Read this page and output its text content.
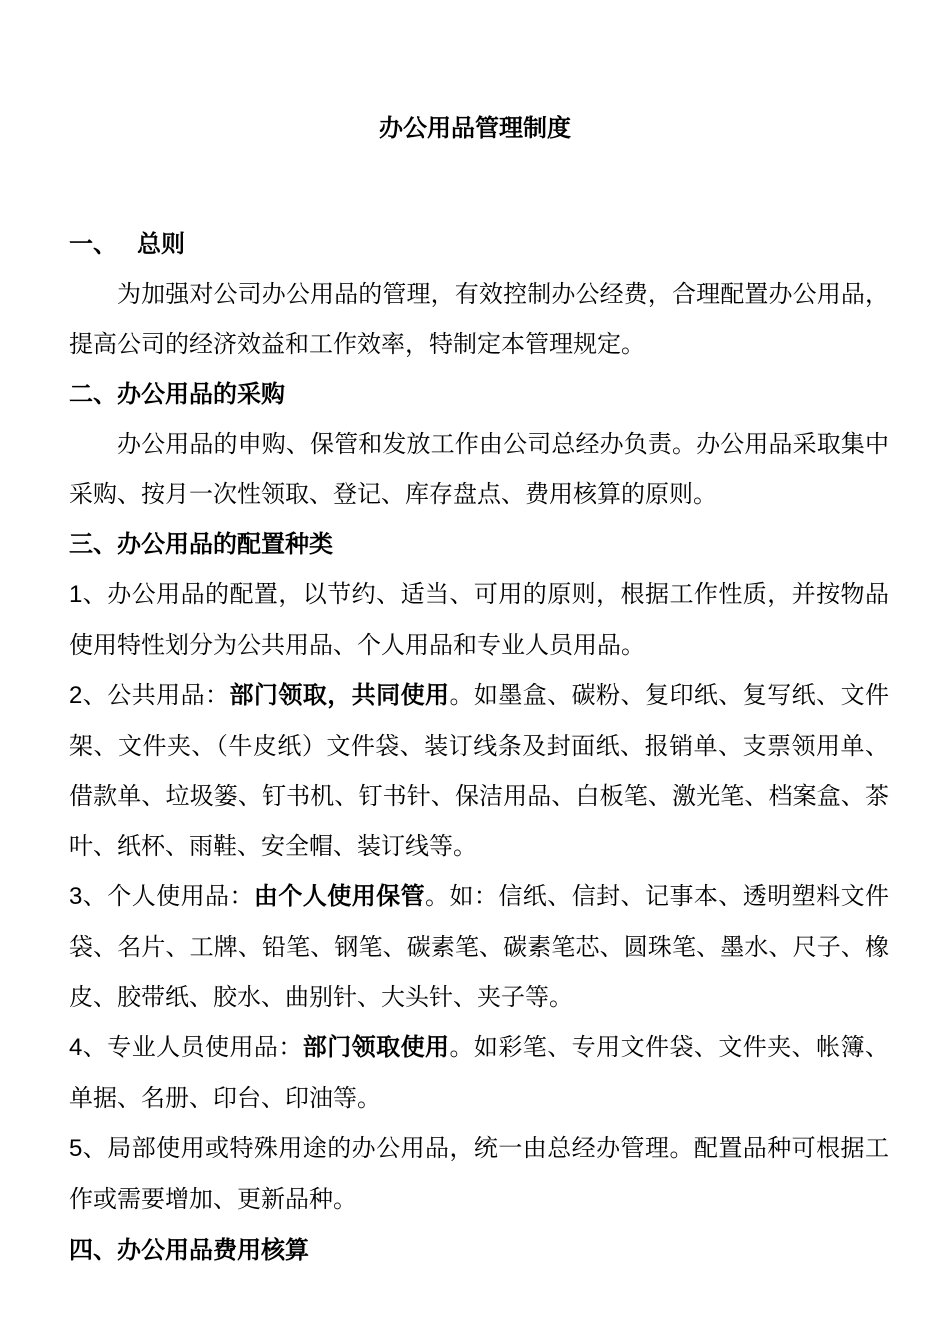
办公用品管理制度

一、 总则

为加强对公司办公用品的管理，有效控制办公经费，合理配置办公用品，提高公司的经济效益和工作效率，特制定本管理规定。

二、办公用品的采购

办公用品的申购、保管和发放工作由公司总经办负责。办公用品采取集中采购、按月一次性领取、登记、库存盘点、费用核算的原则。

三、办公用品的配置种类

1、办公用品的配置，以节约、适当、可用的原则，根据工作性质，并按物品使用特性划分为公共用品、个人用品和专业人员用品。

2、公共用品：部门领取，共同使用。如墨盒、碳粉、复印纸、复写纸、文件架、文件夹、（牛皮纸）文件袋、装订线条及封面纸、报销单、支票领用单、借款单、垃圾篓、钉书机、钉书针、保洁用品、白板笔、激光笔、档案盒、茶叶、纸杯、雨鞋、安全帽、装订线等。

3、个人使用品：由个人使用保管。如：信纸、信封、记事本、透明塑料文件袋、名片、工牌、铅笔、钢笔、碳素笔、碳素笔芯、圆珠笔、墨水、尺子、橡皮、胶带纸、胶水、曲别针、大头针、夹子等。

4、专业人员使用品：部门领取使用。如彩笔、专用文件袋、文件夹、帐簿、单据、名册、印台、印油等。

5、局部使用或特殊用途的办公用品，统一由总经办管理。配置品种可根据工作或需要增加、更新品种。

四、办公用品费用核算
